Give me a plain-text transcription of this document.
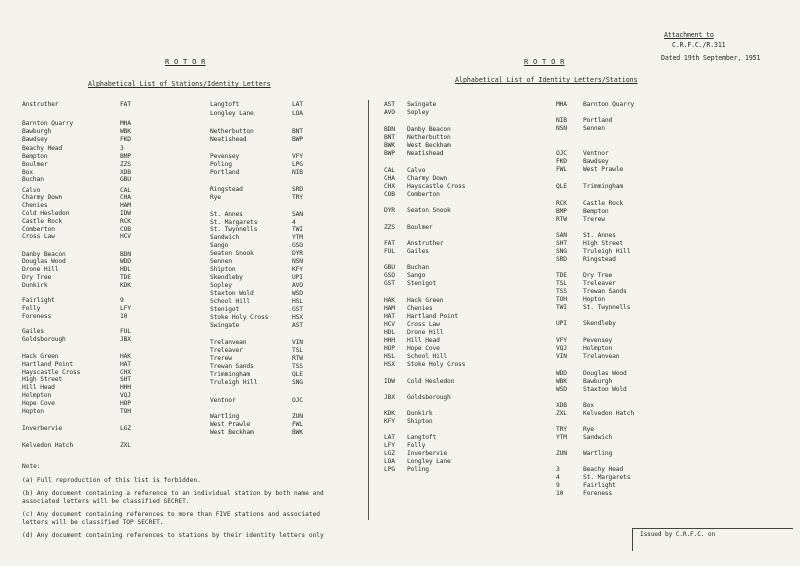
Attachment to
C.R.F.C./R.311
Dated 19th September, 1951
R O T O R
Alphabetical List of Stations/Identity Letters
R O T O R
Alphabetical List of Identity Letters/Stations
Anstruther	FAT
Barnton Quarry	MHA
Bawburgh	WBK
Bawdsey	FKD
Beachy Head	3
Bempton	BMP
Boulmer	ZZS
Box	XDB
Buchan	GBU
Calvo	CAL
Charmy Down	CHA
Chenies	HAM
Cold Hesledon	IDW
Castle Rock	RCK
Comberton	COB
Cross Law	HCV
Danby Beacon	BDN
Douglas Wood	WDD
Drone Hill	HDL
Dry Tree	TDE
Dunkirk	KDK
Fairlight	9
Folly	LFY
Foreness	10
Gailes	FUL
Goldsborough	JBX
Hack Green	HAK
Hartland Point	HAT
Hayscastle Cross	CHX
High Street	SHT
Hill Head	HHH
Holmpton	VQJ
Hope Cove	HOP
Hopton	TOH
Inverbervie	LGZ
Kelvedon Hatch	ZXL
Langtoft	LAT
Longley Lane	LOA
Netherbutton	BNT
Neatishead	BWP
Pevensey	VFY
Poling	LPG
Portland	NIB
Ringstead	SRD
Rye	TRY
St. Annes	SAN
St. Margarets	4
St. Twynnells	TWI
Sandwich	YTM
Sango	GSO
Seaton Snook	DYR
Sennen	NSN
Shipton	KFY
Skendleby	UPI
Sopley	AVO
Staxton Wold	WSD
School Hill	HSL
Stenigot	GST
Stoke Holy Cross	HSX
Swingate	AST
Trelanvean	VIN
Treleaver	TSL
Trerew	RTW
Trewan Sands	TSS
Trimmingham	QLE
Truleigh Hill	SNG
Ventnor	OJC
Wartling	ZUN
West Prawle	FWL
West Beckham	BWK
AST Swingate
AVO Sopley
BDN Danby Beacon
BNT Netherbutton
BWK West Beckham
BWP Neatishead
CAL Calvo
CHA Charmy Down
CHX Hayscastle Cross
COB Comberton
DYR Seaton Snook
ZZS Boulmer
FAT Anstruther
FUL Gailes
GBU Buchan
GSO Sango
GST Stenigot
HAK Hack Green
HAM Chenies
HAT Hartland Point
HCV Cross Law
HDL Drone Hill
HHH Hill Head
HOP Hope Cove
HSL School Hill
HSX Stoke Holy Cross
IDW Cold Hesledon
JBX Goldsborough
KDK Dunkirk
KFY Shipton
LAT Langtoft
LFY Folly
LGZ Inverbervie
LOA Longley Lane
LPG Poling
MHA	Barnton Quarry
NIB	Portland
NSN	Sennen
OJC	Ventnor
FKD	Bawdsey
FWL	West Prawle
QLE	Trimmingham
RCK	Castle Rock
BMP	Bempton
RTW	Trerew
SAN	St. Annes
SHT	High Street
SNG	Truleigh Hill
SRD	Ringstead
TDE	Dry Tree
TSL	Treleaver
TSS	Trewan Sands
TOH	Hopton
TWI	St. Twynnells
UPI	Skendleby
VFY	Pevensey
VQJ	Holmpton
VIN	Trelanvean
WDD	Douglas Wood
WBK	Bawburgh
WSD	Staxton Wold
XDB	Box
ZXL	Kelvedon Hatch
TRY	Rye
YTM	Sandwich
ZUN	Wartling
3	Beachy Head
4	St. Margarets
9	Fairlight
10	Foreness
Note:
(a) Full reproduction of this list is forbidden.
(b) Any document containing a reference to an individual station by both name and
associated letters will be classified SECRET.
(c) Any document containing references to more than FIVE stations and associated
letters will be classified TOP SECRET.
(d) Any document containing references to stations by their identity letters only	Issued by C.R.F.C. on
